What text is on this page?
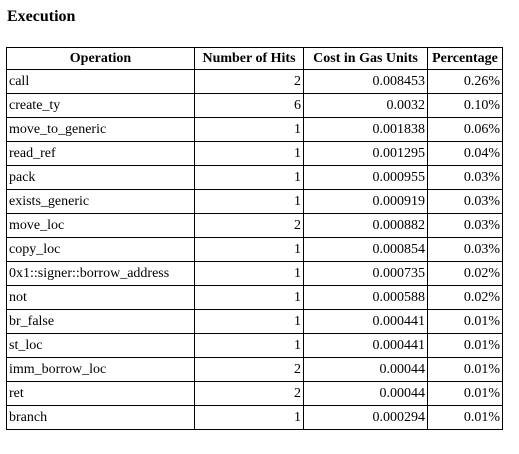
Execution
Operation	Number of Hits	Cost in Gas Units	Percentage
call	2	0.008453	0.26%
create_ty	6	0.0032	0.10%
move_to_generic	1	0.001838	0.06%
read_ref	1	0.001295	0.04%
pack	1	0.000955	0.03%
exists_generic	1	0.000919	0.03%
move_loc	2	0.000882	0.03%
copy_loc	1	0.000854	0.03%
0x1::signer::borrow_address	1	0.000735	0.02%
not	1	0.000588	0.02%
br_false	1	0.000441	0.01%
st_loc	1	0.000441	0.01%
imm_borrow_loc	2	0.00044	0.01%
ret	2	0.00044	0.01%
branch	1	0.000294	0.01%
